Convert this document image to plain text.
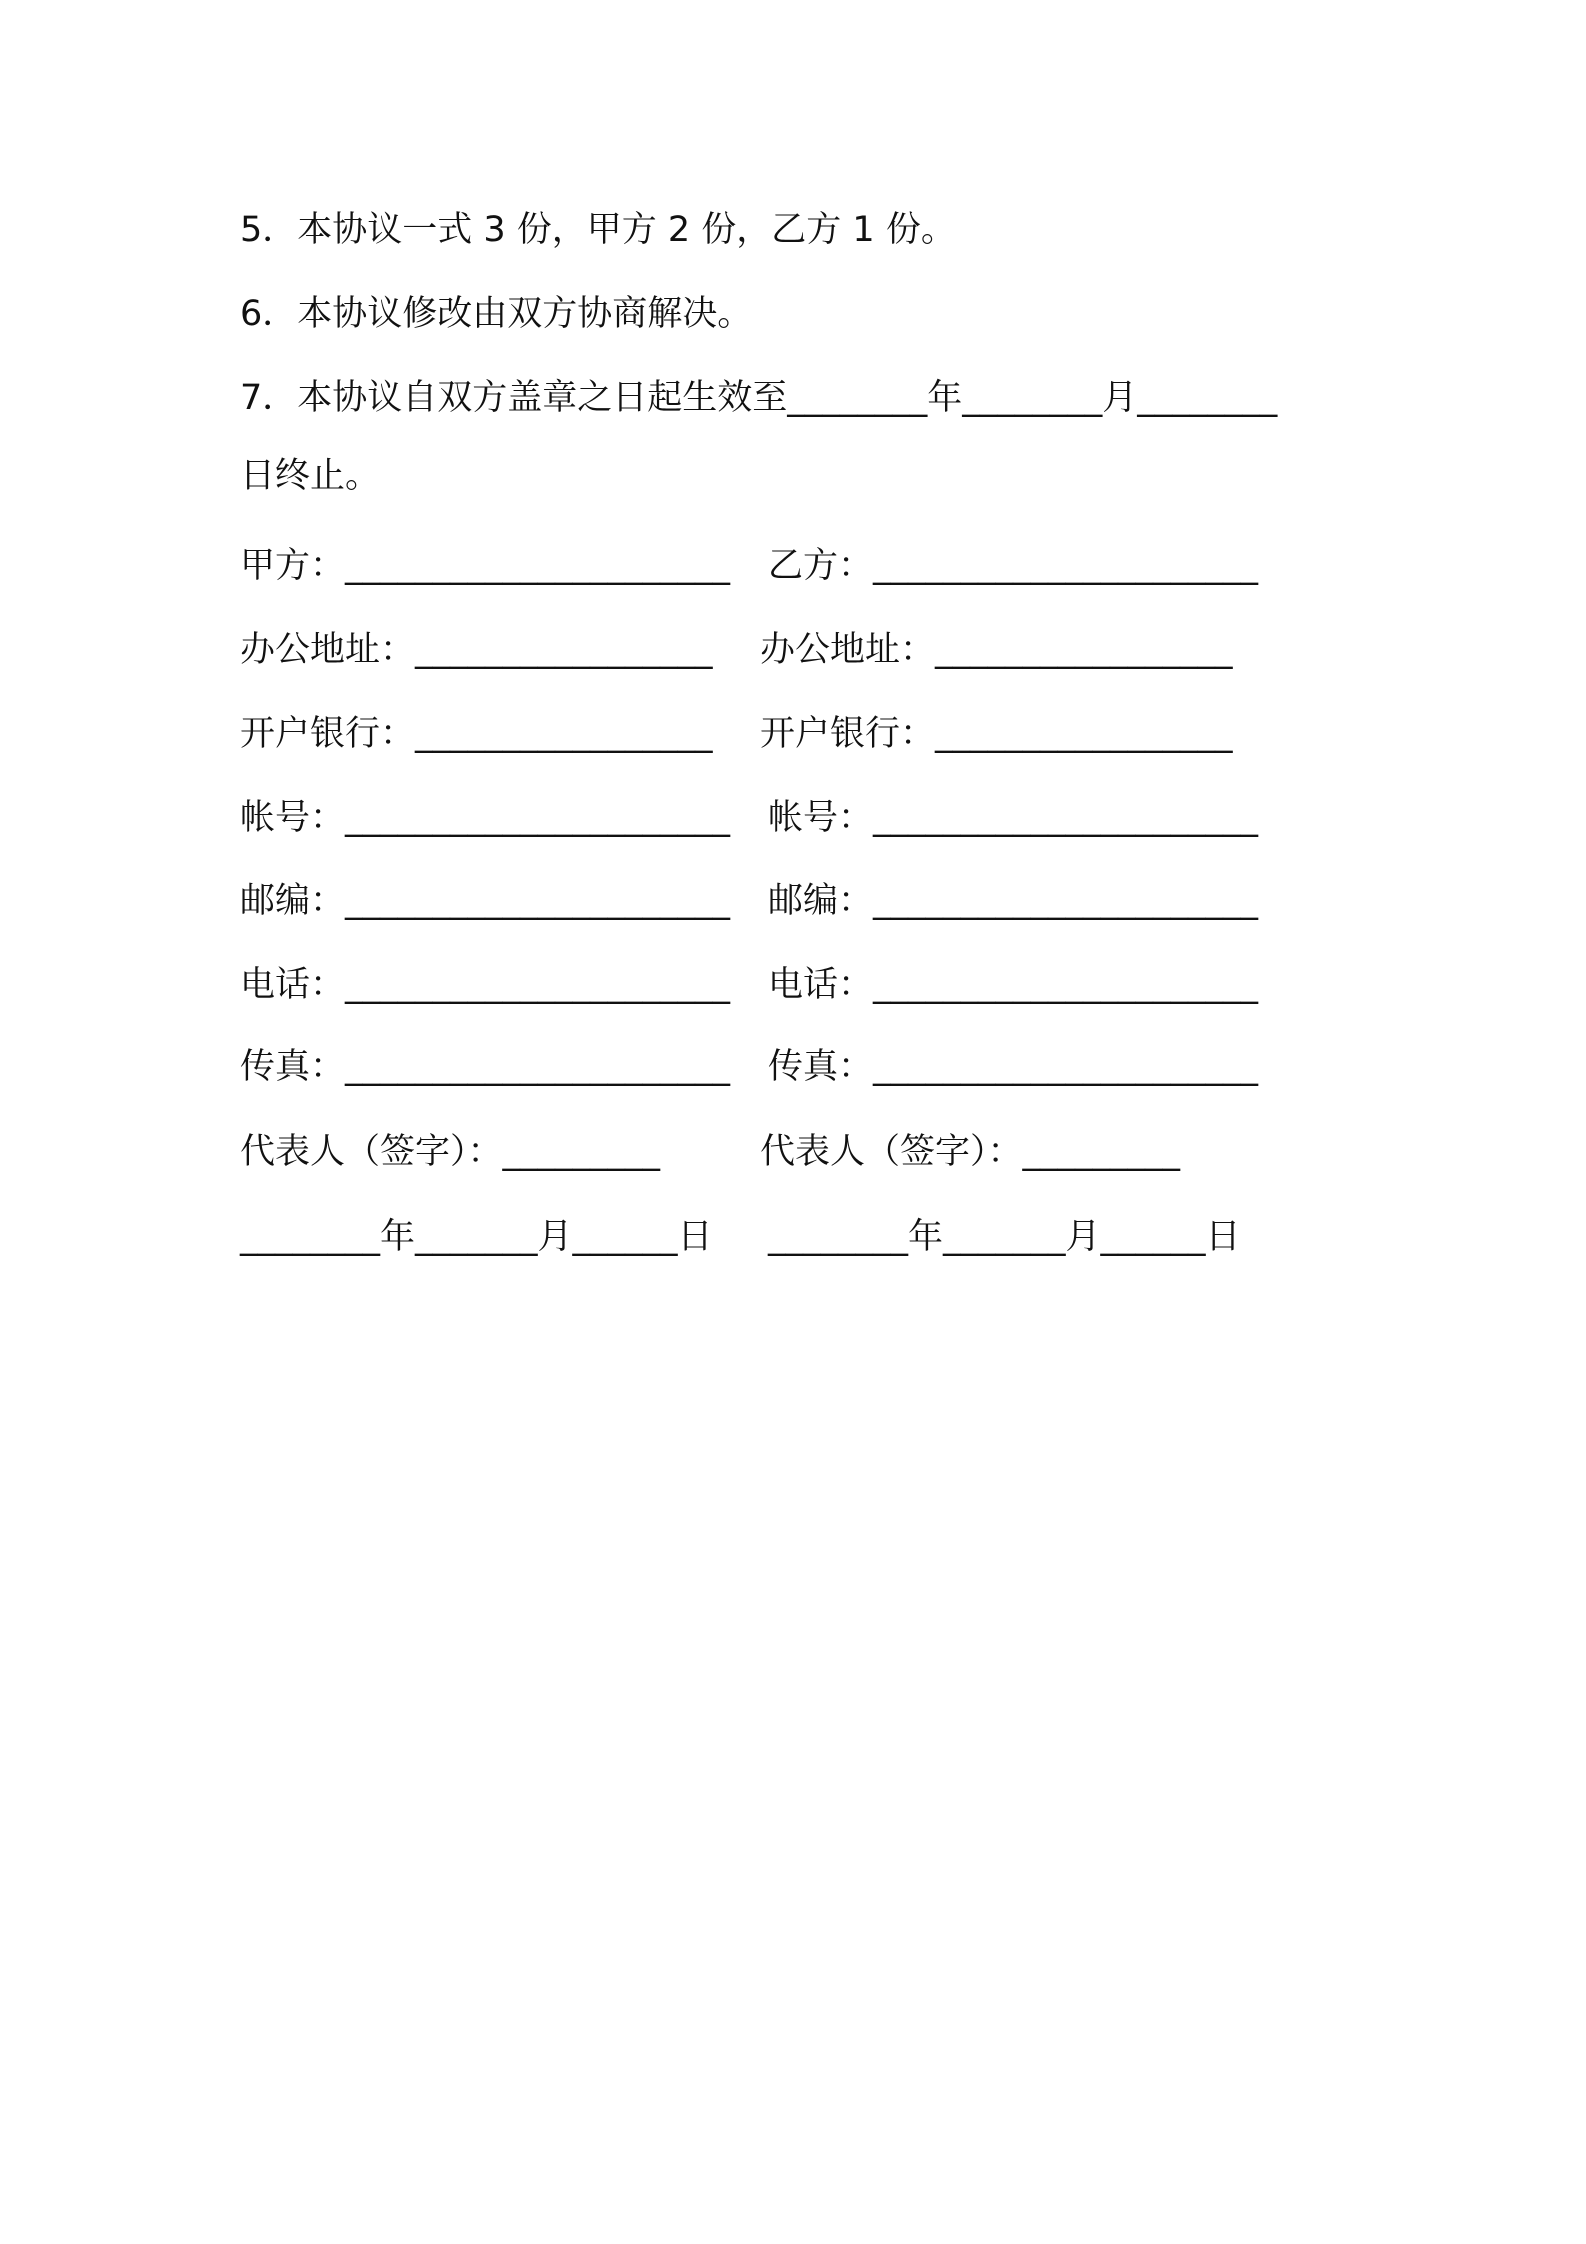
5．本协议一式 3 份，甲方 2 份，乙方 1 份。
6．本协议修改由双方协商解决。
7．本协议自双方盖章之日起生效至________年________月________
日终止。
甲方：______________________
办公地址：_________________
开户银行：_________________
帐号：______________________
邮编：______________________
电话：______________________
传真：______________________
代表人（签字）：_________
________年_______月______日
乙方：______________________
办公地址：_________________
开户银行：_________________
帐号：______________________
邮编：______________________
电话：______________________
传真：______________________
代表人（签字）：_________
________年_______月______日
